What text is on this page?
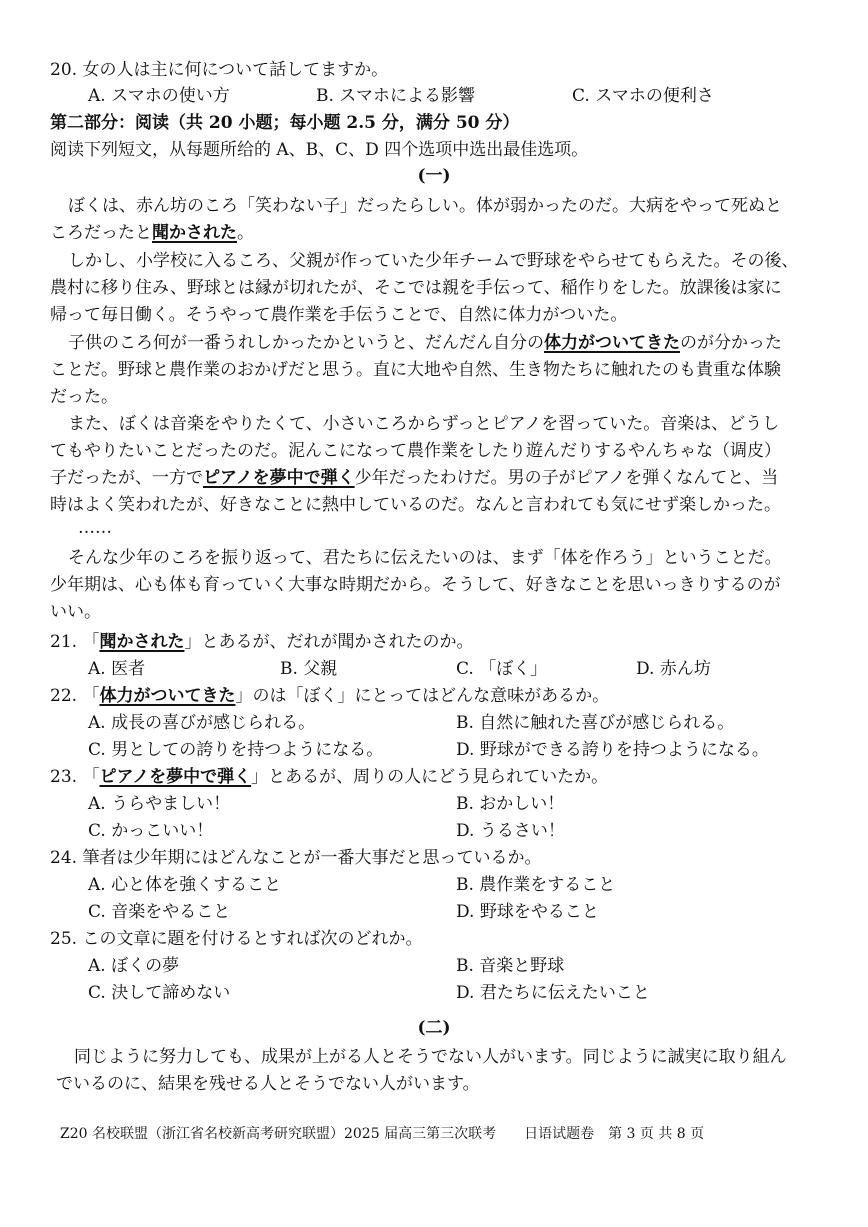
20. 女の人は主に何について話してますか。
A. スマホの使い方	B. スマホによる影響	C. スマホの便利さ
第二部分：阅读（共 20 小题；每小题 2.5 分，满分 50 分）
阅读下列短文，从每题所给的 A、B、C、D 四个选项中选出最佳选项。
(一)
ぼくは、赤ん坊のころ「笑わない子」だったらしい。体が弱かったのだ。大病をやって死ぬと
ころだったと聞かされた。
しかし、小学校に入るころ、父親が作っていた少年チームで野球をやらせてもらえた。その後、
農村に移り住み、野球とは縁が切れたが、そこでは親を手伝って、稲作りをした。放課後は家に
帰って毎日働く。そうやって農作業を手伝うことで、自然に体力がついた。
子供のころ何が一番うれしかったかというと、だんだん自分の体力がついてきたのが分かった
ことだ。野球と農作業のおかげだと思う。直に大地や自然、生き物たちに触れたのも貴重な体験
だった。
また、ぼくは音楽をやりたくて、小さいころからずっとピアノを習っていた。音楽は、どうし
てもやりたいことだったのだ。泥んこになって農作業をしたり遊んだりするやんちゃな（调皮）
子だったが、一方でピアノを夢中で弾く少年だったわけだ。男の子がピアノを弾くなんてと、当
時はよく笑われたが、好きなことに熱中しているのだ。なんと言われても気にせず楽しかった。
……
そんな少年のころを振り返って、君たちに伝えたいのは、まず「体を作ろう」ということだ。
少年期は、心も体も育っていく大事な時期だから。そうして、好きなことを思いっきりするのが
いい。
21. 「聞かされた」とあるが、だれが聞かされたのか。
A. 医者	B. 父親	C. 「ぼく」	D. 赤ん坊
22. 「体力がついてきた」のは「ぼく」にとってはどんな意味があるか。
A. 成長の喜びが感じられる。	B. 自然に触れた喜びが感じられる。
C. 男としての誇りを持つようになる。	D. 野球ができる誇りを持つようになる。
23. 「ピアノを夢中で弾く」とあるが、周りの人にどう見られていたか。
A. うらやましい！	B. おかしい！
C. かっこいい！	D. うるさい！
24. 筆者は少年期にはどんなことが一番大事だと思っているか。
A. 心と体を強くすること	B. 農作業をすること
C. 音楽をやること	D. 野球をやること
25. この文章に題を付けるとすれば次のどれか。
A. ぼくの夢	B. 音楽と野球
C. 決して諦めない	D. 君たちに伝えたいこと
(二)
同じように努力しても、成果が上がる人とそうでない人がいます。同じように誠実に取り組ん
でいるのに、結果を残せる人とそうでない人がいます。
Z20 名校联盟（浙江省名校新高考研究联盟）2025 届高三第三次联考　　日语试题卷　第 3 页 共 8 页
